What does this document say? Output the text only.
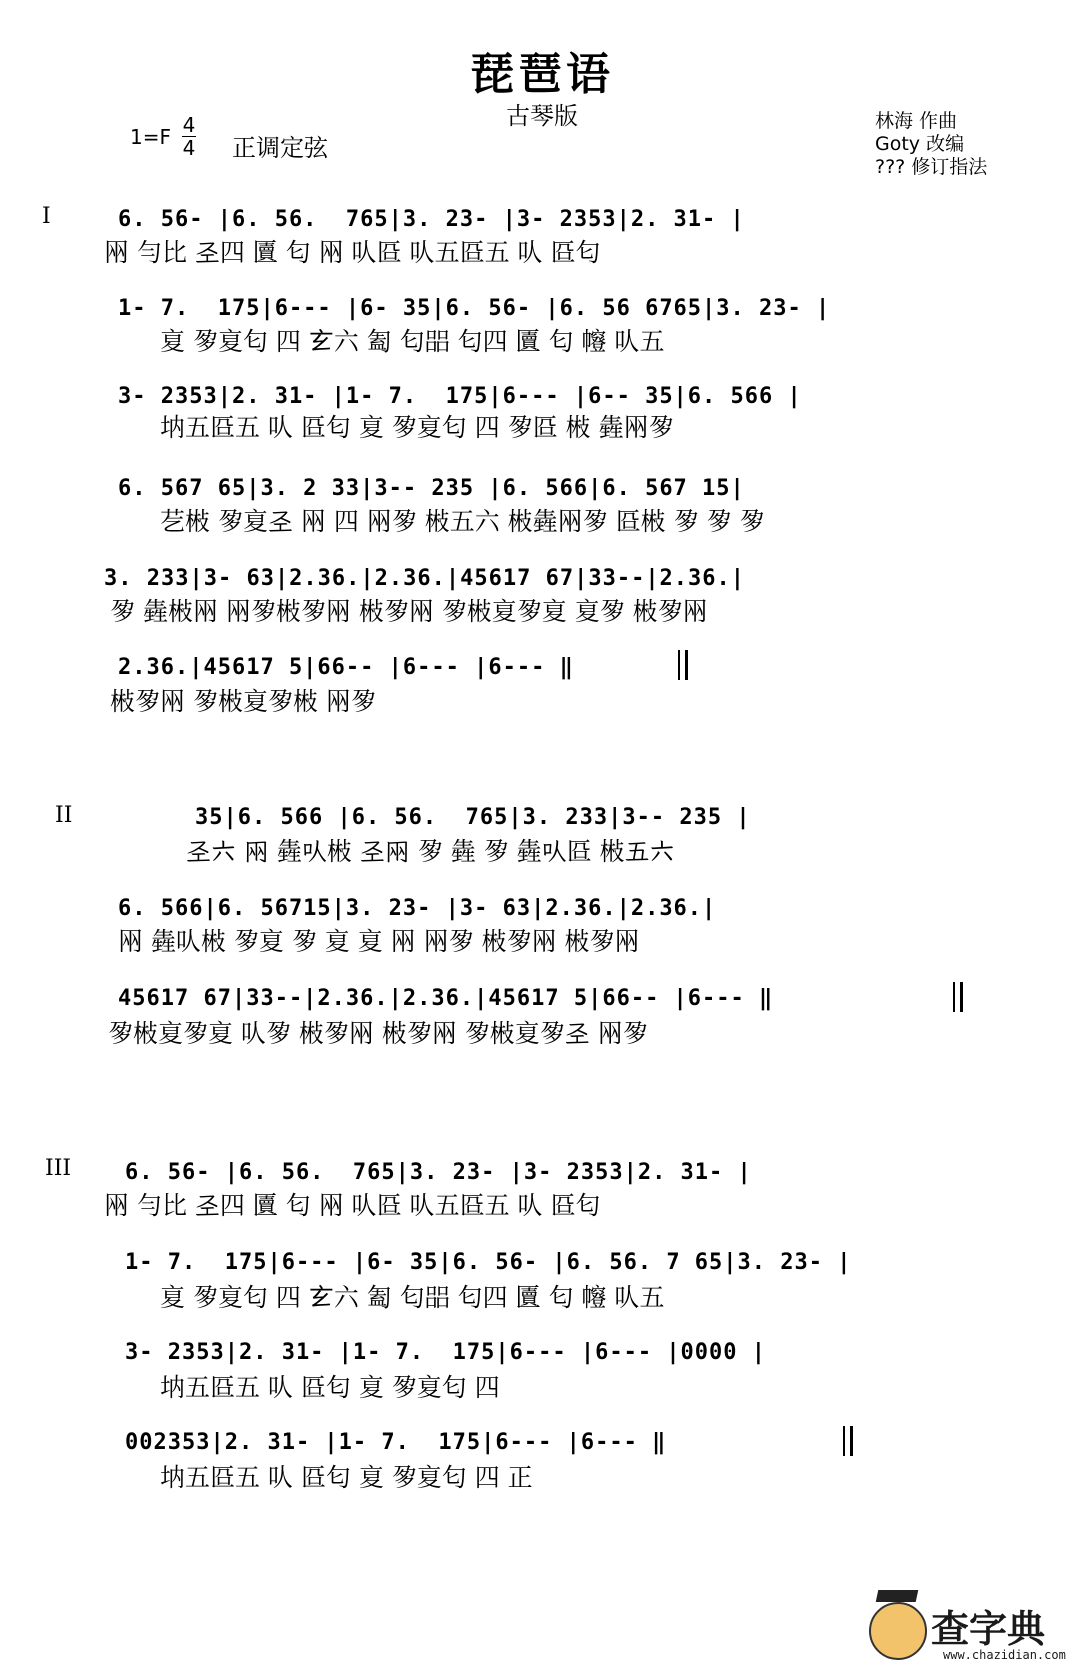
琵琶语
古琴版
1=F 4
4 正调定弦
林海 作曲
Goty 改编
??? 修订指法
I
II
III
6. 56- |6. 56.  765|3. 23- |3- 2353|2. 31- |
㒳 勻比 𢀖四 匵 匂 㒳 㕥㔯 㕥五㔯五 㕥 㔯匂
1- 7.  175|6--- |6- 35|6. 56- |6. 56 6765|3. 23- |
㚆 㚉㚆匂 四 𤣥六 㔩 匂㗊 匂四 匵 匂 㡧 㕥五
3- 2353|2. 31- |1- 7.  175|6--- |6-- 35|6. 566 |
㘨五㔯五 㕥 㔯匂 㚆 㚉㚆匂 四 㚉㔯 㪔 㽓㒳㚉
6. 567 65|3. 2 33|3-- 235 |6. 566|6. 567 15|
䒗㪔 㚉㚆𢀖 㒳 四 㒳㚉 㪔五六 㪔㽓㒳㚉 㔯㪔 㚉 㚉 㚉
3. 233|3- 63|2.36.|2.36.|45617 67|33--|2.36.|
㚉 㽓㪔㒳 㒳㚉㪔㚉㒳 㪔㚉㒳 㚉㪔㚆㚉㚆 㚆㚉 㪔㚉㒳
2.36.|45617 5|66-- |6--- |6--- ‖
㪔㚉㒳 㚉㪔㚆㚉㪔 㒳㚉
35|6. 566 |6. 56.  765|3. 233|3-- 235 |
𢀖六 㒳 㽓㕥㪔 𢀖㒳 㚉 㽓 㚉 㽓㕥㔯 㪔五六
6. 566|6. 56715|3. 23- |3- 63|2.36.|2.36.|
㒳 㽓㕥㪔 㚉㚆 㚉 㚆 㚆 㒳 㒳㚉 㪔㚉㒳 㪔㚉㒳
45617 67|33--|2.36.|2.36.|45617 5|66-- |6--- ‖
㚉㪔㚆㚉㚆 㕥㚉 㪔㚉㒳 㪔㚉㒳 㚉㪔㚆㚉𢀖 㒳㚉
6. 56- |6. 56.  765|3. 23- |3- 2353|2. 31- |
㒳 勻比 𢀖四 匵 匂 㒳 㕥㔯 㕥五㔯五 㕥 㔯匂
1- 7.  175|6--- |6- 35|6. 56- |6. 56. 7 65|3. 23- |
㚆 㚉㚆匂 四 𤣥六 㔩 匂㗊 匂四 匵 匂 㡧 㕥五
3- 2353|2. 31- |1- 7.  175|6--- |6--- |0000 |
㘨五㔯五 㕥 㔯匂 㚆 㚉㚆匂 四
002353|2. 31- |1- 7.  175|6--- |6--- ‖
㘨五㔯五 㕥 㔯匂 㚆 㚉㚆匂 四 正
查字典
www.chazidian.com
